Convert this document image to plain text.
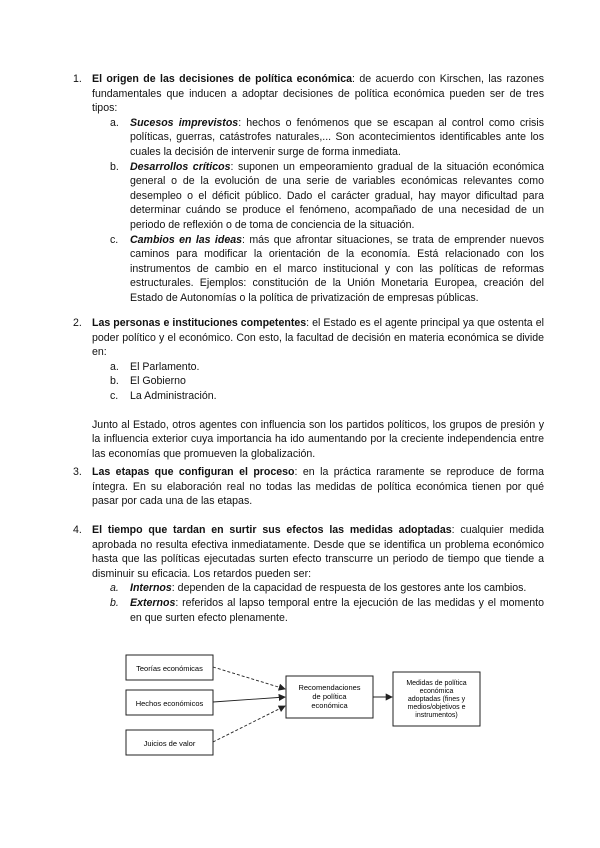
1. El origen de las decisiones de política económica: de acuerdo con Kirschen, las razones fundamentales que inducen a adoptar decisiones de política económica pueden ser de tres tipos:

a. Sucesos imprevistos: hechos o fenómenos que se escapan al control como crisis políticas, guerras, catástrofes naturales,... Son acontecimientos identificables ante los cuales la decisión de intervenir surge de forma inmediata.

b. Desarrollos críticos: suponen un empeoramiento gradual de la situación económica general o de la evolución de una serie de variables económicas relevantes como desempleo o el déficit público. Dado el carácter gradual, hay mayor dificultad para determinar cuándo se produce el fenómeno, acompañado de una necesidad de un periodo de reflexión o de toma de conciencia de la situación.

c. Cambios en las ideas: más que afrontar situaciones, se trata de emprender nuevos caminos para modificar la orientación de la economía. Está relacionado con los instrumentos de cambio en el marco institucional y con las políticas de reformas estructurales. Ejemplos: constitución de la Unión Monetaria Europea, creación del Estado de Autonomías o la política de privatización de empresas públicas.

2. Las personas e instituciones competentes: el Estado es el agente principal ya que ostenta el poder político y el económico. Con esto, la facultad de decisión en materia económica se divide en:

a. El Parlamento.

b. El Gobierno

c. La Administración.

Junto al Estado, otros agentes con influencia son los partidos políticos, los grupos de presión y la influencia exterior cuya importancia ha ido aumentando por la creciente independencia entre las economías que promueven la globalización.

3. Las etapas que configuran el proceso: en la práctica raramente se reproduce de forma íntegra. En su elaboración real no todas las medidas de política económica tienen por qué pasar por cada una de las etapas.

4. El tiempo que tardan en surtir sus efectos las medidas adoptadas: cualquier medida aprobada no resulta efectiva inmediatamente. Desde que se identifica un problema económico hasta que las políticas ejecutadas surten efecto transcurre un periodo de tiempo que tiende a disminuir su eficacia. Los retardos pueden ser:

a. Internos: dependen de la capacidad de respuesta de los gestores ante los cambios.

b. Externos: referidos al lapso temporal entre la ejecución de las medidas y el momento en que surten efecto plenamente.

Teorías económicas
Hechos económicos
Juicios de valor
Recomendaciones
de política
económica
Medidas de política
económica
adoptadas (fines y
medios/objetivos e
instrumentos)
